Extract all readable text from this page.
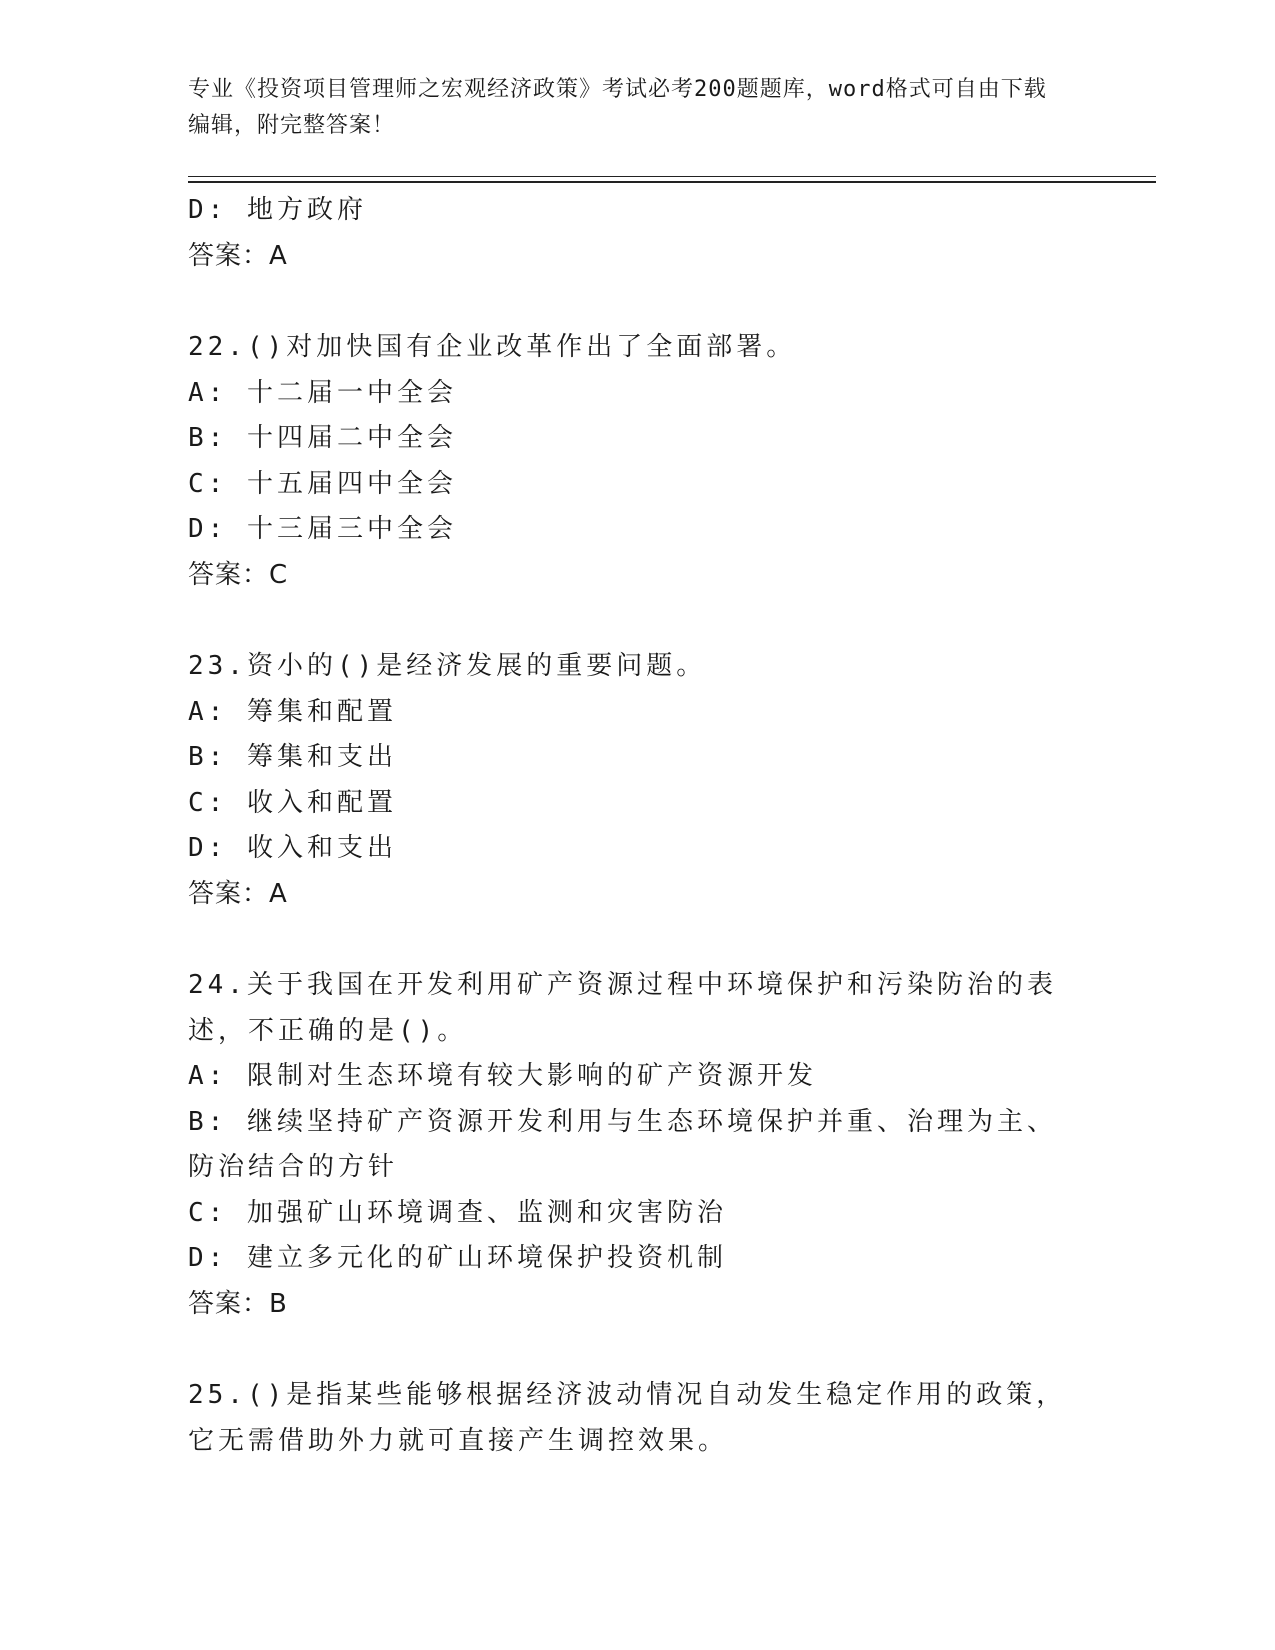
专业《投资项目管理师之宏观经济政策》考试必考200题题库，word格式可自由下载编辑，附完整答案！
D: 地方政府
答案：A
22.()对加快国有企业改革作出了全面部署。
A: 十二届一中全会
B: 十四届二中全会
C: 十五届四中全会
D: 十三届三中全会
答案：C
23.资小的()是经济发展的重要问题。
A: 筹集和配置
B: 筹集和支出
C: 收入和配置
D: 收入和支出
答案：A
24.关于我国在开发利用矿产资源过程中环境保护和污染防治的表述，不正确的是()。
A: 限制对生态环境有较大影响的矿产资源开发
B: 继续坚持矿产资源开发利用与生态环境保护并重、治理为主、防治结合的方针
C: 加强矿山环境调查、监测和灾害防治
D: 建立多元化的矿山环境保护投资机制
答案：B
25.()是指某些能够根据经济波动情况自动发生稳定作用的政策，它无需借助外力就可直接产生调控效果。
